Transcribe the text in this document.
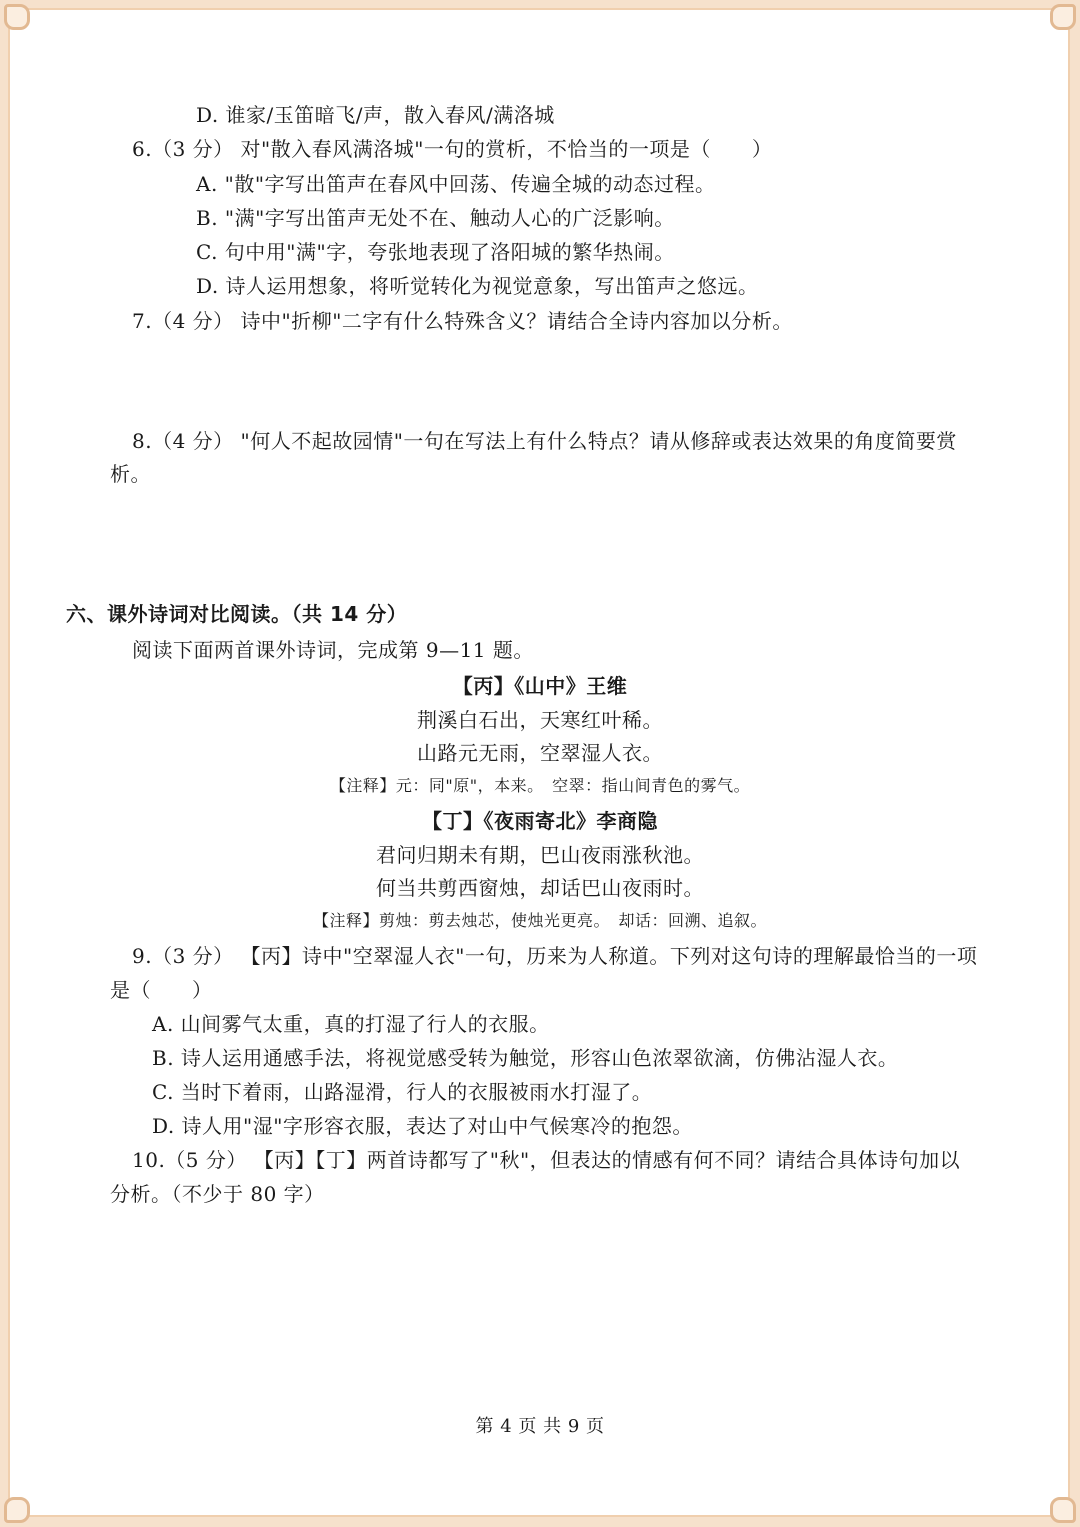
D. 谁家/玉笛暗飞/声，散入春风/满洛城
6.（3 分） 对"散入春风满洛城"一句的赏析，不恰当的一项是（　　）
A. "散"字写出笛声在春风中回荡、传遍全城的动态过程。
B. "满"字写出笛声无处不在、触动人心的广泛影响。
C. 句中用"满"字，夸张地表现了洛阳城的繁华热闹。
D. 诗人运用想象，将听觉转化为视觉意象，写出笛声之悠远。
7.（4 分） 诗中"折柳"二字有什么特殊含义？请结合全诗内容加以分析。
8.（4 分） "何人不起故园情"一句在写法上有什么特点？请从修辞或表达效果的角度简要赏
析。
六、课外诗词对比阅读。（共 14 分）
阅读下面两首课外诗词，完成第 9—11 题。
【丙】《山中》王维
荆溪白石出，天寒红叶稀。
山路元无雨，空翠湿人衣。
【注释】元：同"原"，本来。　空翠：指山间青色的雾气。
【丁】《夜雨寄北》李商隐
君问归期未有期，巴山夜雨涨秋池。
何当共剪西窗烛，却话巴山夜雨时。
【注释】剪烛：剪去烛芯，使烛光更亮。　却话：回溯、追叙。
9.（3 分） 【丙】诗中"空翠湿人衣"一句，历来为人称道。下列对这句诗的理解最恰当的一项
是（　　）
A. 山间雾气太重，真的打湿了行人的衣服。
B. 诗人运用通感手法，将视觉感受转为触觉，形容山色浓翠欲滴，仿佛沾湿人衣。
C. 当时下着雨，山路湿滑，行人的衣服被雨水打湿了。
D. 诗人用"湿"字形容衣服，表达了对山中气候寒冷的抱怨。
10.（5 分） 【丙】【丁】两首诗都写了"秋"，但表达的情感有何不同？请结合具体诗句加以
分析。（不少于 80 字）
第 4 页 共 9 页
